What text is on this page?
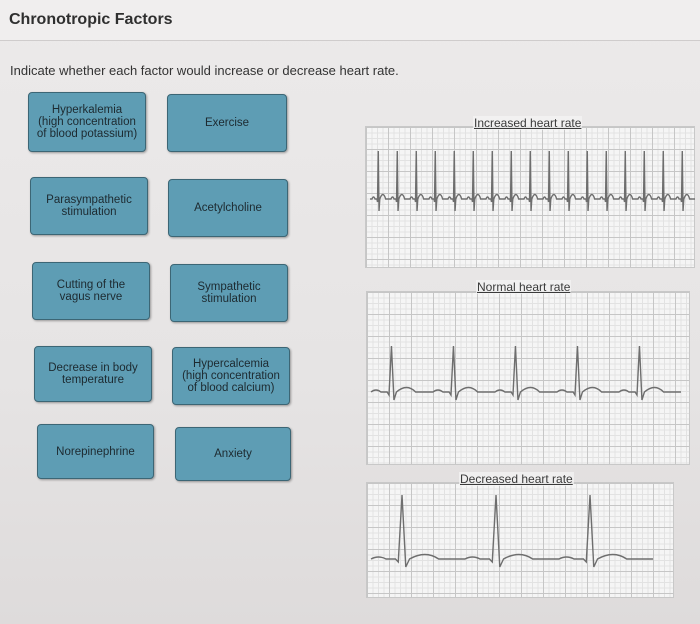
Chronotropic Factors
Indicate whether each factor would increase or decrease heart rate.
Hyperkalemia
(high concentration
of blood potassium)
Exercise
Parasympathetic
stimulation	Acetylcholine
Cutting of the
vagus nerve
Sympathetic
stimulation
Decrease in body
temperature
Hypercalcemia
(high concentration
of blood calcium)
Norepinephrine	Anxiety
Increased heart rate
Normal heart rate
Decreased heart rate
